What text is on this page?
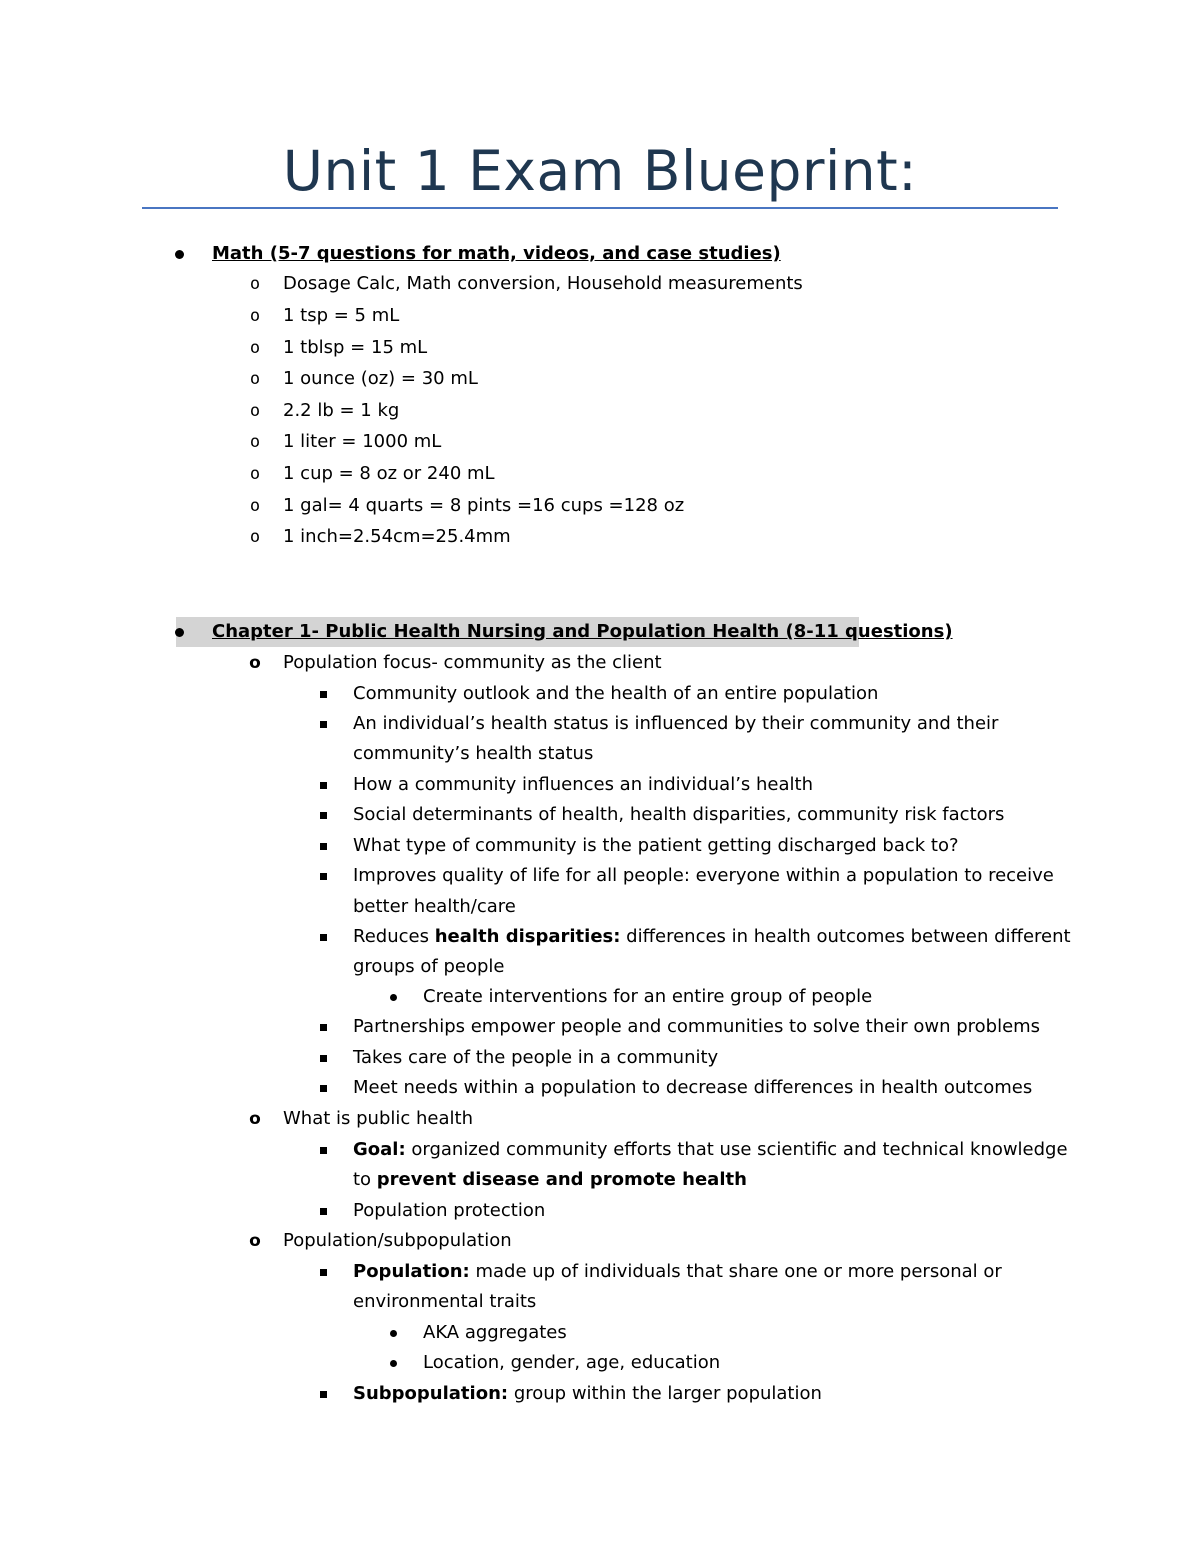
Unit 1 Exam Blueprint:
Math (5-7 questions for math, videos, and case studies)
o Dosage Calc, Math conversion, Household measurements
o 1 tsp = 5 mL
o 1 tblsp = 15 mL
o 1 ounce (oz) = 30 mL
o 2.2 lb = 1 kg
o 1 liter = 1000 mL
o 1 cup = 8 oz or 240 mL
o 1 gal= 4 quarts = 8 pints =16 cups =128 oz
o 1 inch=2.54cm=25.4mm
Chapter 1- Public Health Nursing and Population Health (8-11 questions)
o Population focus- community as the client
Community outlook and the health of an entire population
An individual’s health status is influenced by their community and their
community’s health status
How a community influences an individual’s health
Social determinants of health, health disparities, community risk factors
What type of community is the patient getting discharged back to?
Improves quality of life for all people: everyone within a population to receive
better health/care
Reduces health disparities: differences in health outcomes between different
groups of people
Create interventions for an entire group of people
Partnerships empower people and communities to solve their own problems
Takes care of the people in a community
Meet needs within a population to decrease differences in health outcomes
o What is public health
Goal: organized community efforts that use scientific and technical knowledge
to prevent disease and promote health
Population protection
o Population/subpopulation
Population: made up of individuals that share one or more personal or
environmental traits
AKA aggregates
Location, gender, age, education
Subpopulation: group within the larger population
